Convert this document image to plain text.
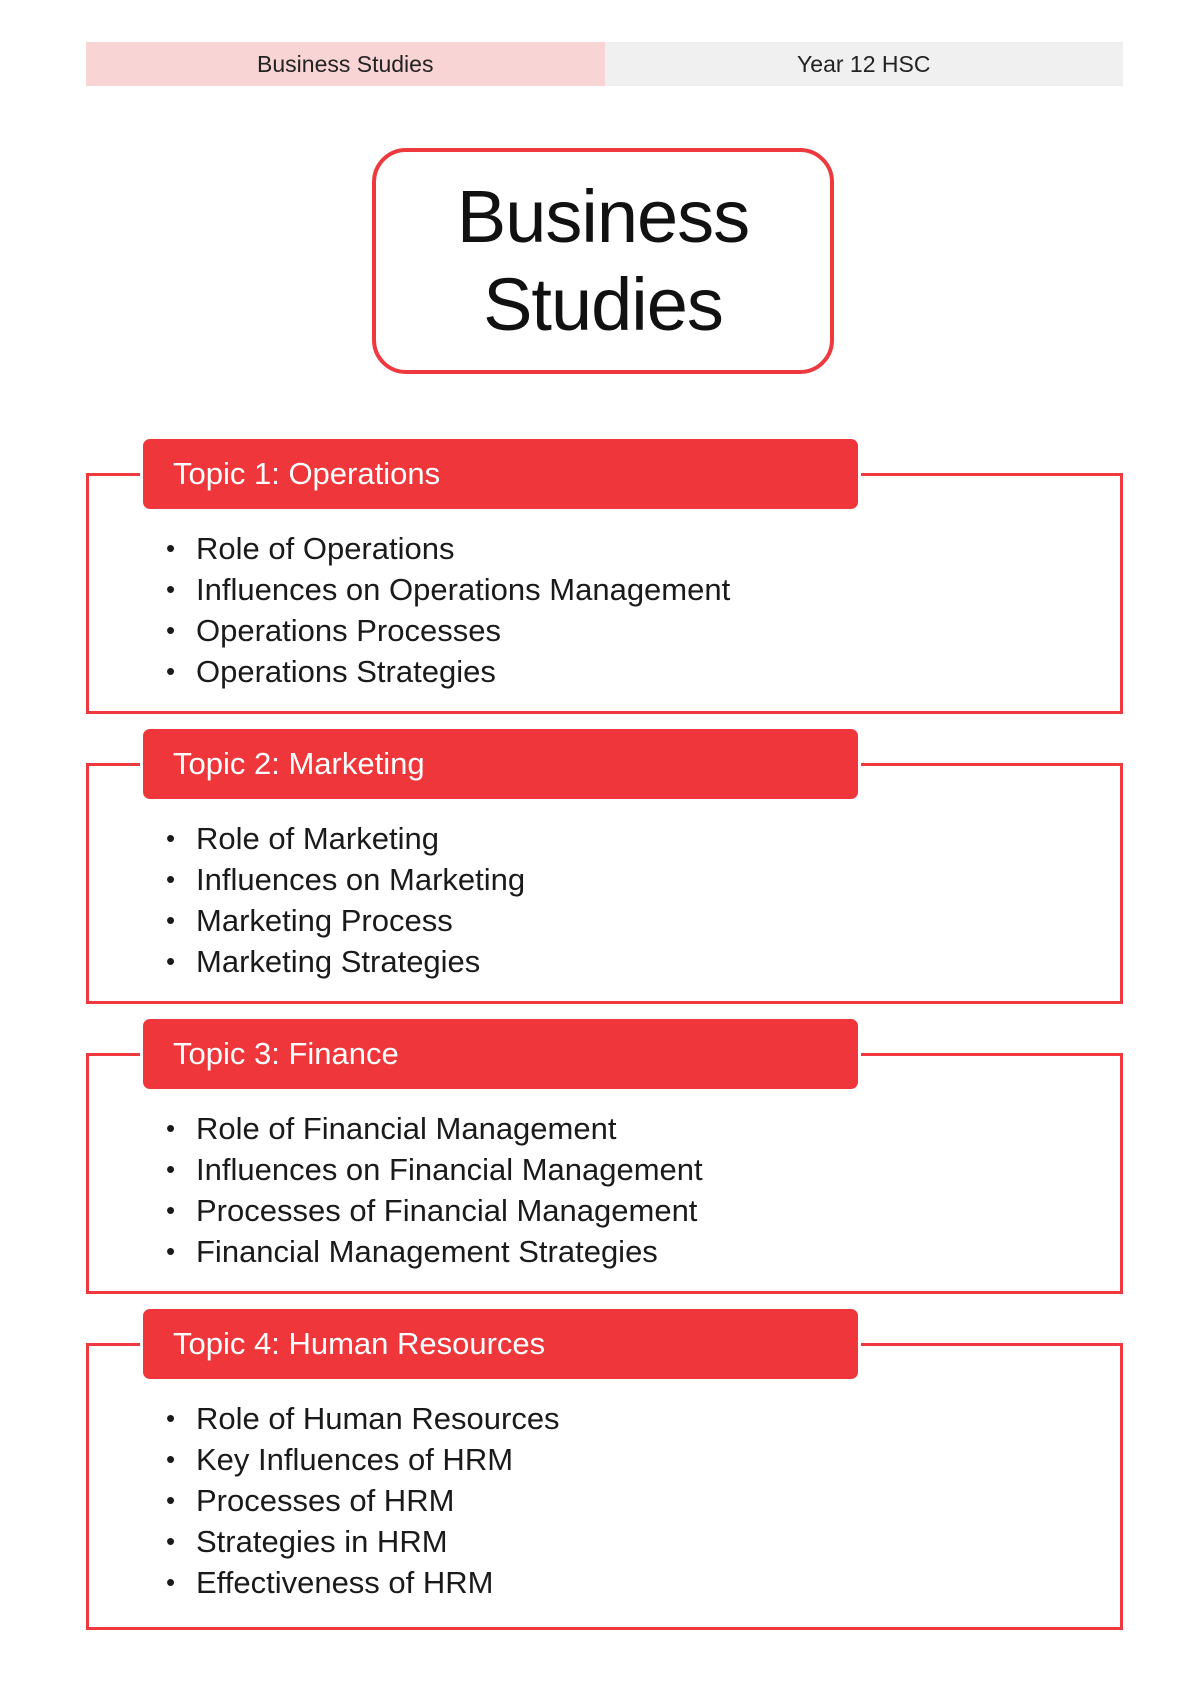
Business Studies	Year 12 HSC
Business
Studies
Topic 1: Operations
• Role of Operations
• Influences on Operations Management
• Operations Processes
• Operations Strategies
Topic 2: Marketing
• Role of Marketing
• Influences on Marketing
• Marketing Process
• Marketing Strategies
Topic 3: Finance
• Role of Financial Management
• Influences on Financial Management
• Processes of Financial Management
• Financial Management Strategies
Topic 4: Human Resources
• Role of Human Resources
• Key Influences of HRM
• Processes of HRM
• Strategies in HRM
• Effectiveness of HRM
